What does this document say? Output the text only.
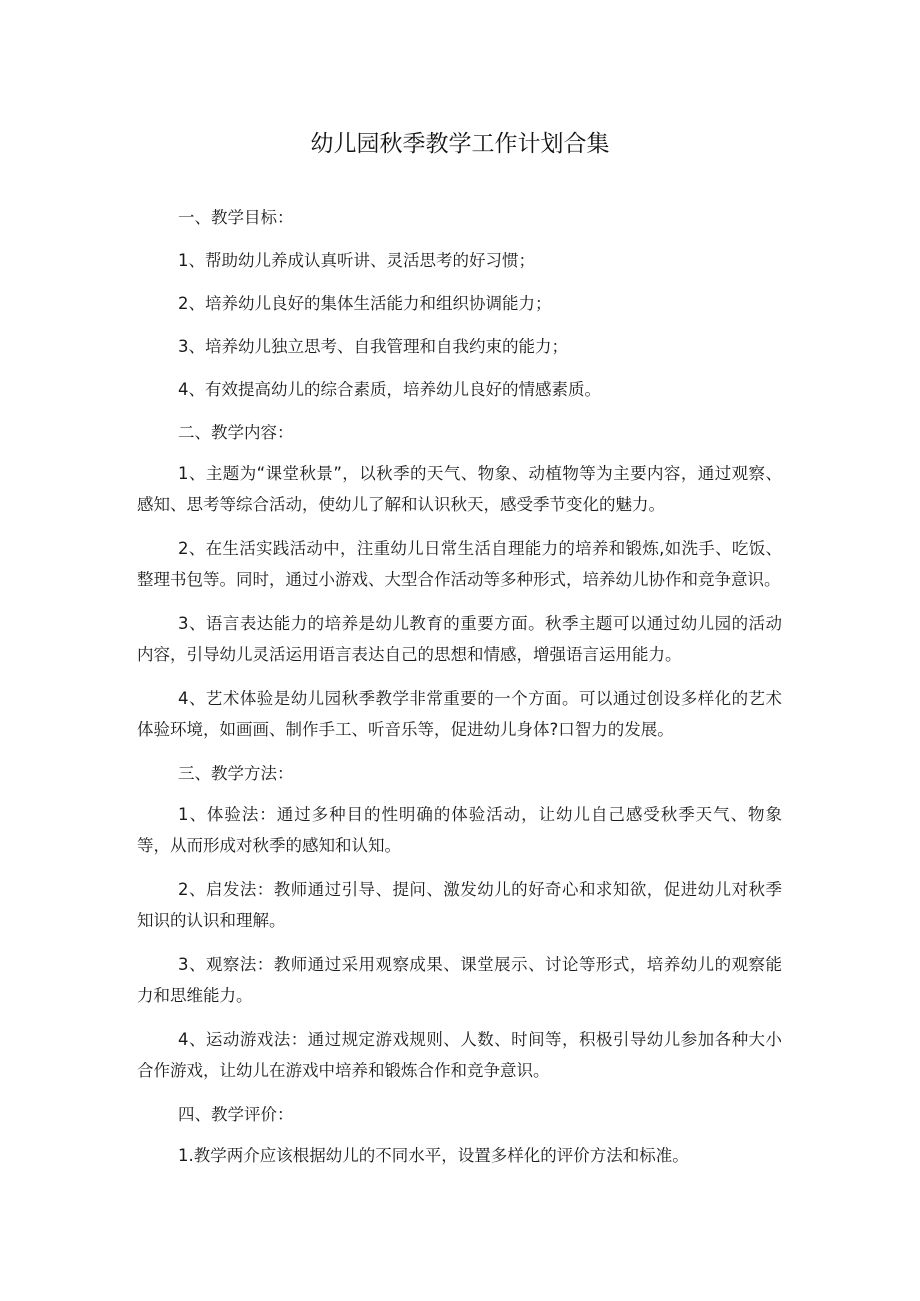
幼儿园秋季教学工作计划合集

一、教学目标：

1、帮助幼儿养成认真听讲、灵活思考的好习惯；

2、培养幼儿良好的集体生活能力和组织协调能力；

3、培养幼儿独立思考、自我管理和自我约束的能力；

4、有效提高幼儿的综合素质，培养幼儿良好的情感素质。

二、教学内容：

1、主题为“课堂秋景”，以秋季的天气、物象、动植物等为主要内容，通过观察、感知、思考等综合活动，使幼儿了解和认识秋天，感受季节变化的魅力。

2、在生活实践活动中，注重幼儿日常生活自理能力的培养和锻炼,如洗手、吃饭、整理书包等。同时，通过小游戏、大型合作活动等多种形式，培养幼儿协作和竞争意识。

3、语言表达能力的培养是幼儿教育的重要方面。秋季主题可以通过幼儿园的活动内容，引导幼儿灵活运用语言表达自己的思想和情感，增强语言运用能力。

4、艺术体验是幼儿园秋季教学非常重要的一个方面。可以通过创设多样化的艺术体验环境，如画画、制作手工、听音乐等，促进幼儿身体?口智力的发展。

三、教学方法：

1、体验法：通过多种目的性明确的体验活动，让幼儿自己感受秋季天气、物象等，从而形成对秋季的感知和认知。

2、启发法：教师通过引导、提问、激发幼儿的好奇心和求知欲，促进幼儿对秋季知识的认识和理解。

3、观察法：教师通过采用观察成果、课堂展示、讨论等形式，培养幼儿的观察能力和思维能力。

4、运动游戏法：通过规定游戏规则、人数、时间等，积极引导幼儿参加各种大小合作游戏，让幼儿在游戏中培养和锻炼合作和竞争意识。

四、教学评价：

1.教学两介应该根据幼儿的不同水平，设置多样化的评价方法和标准。
